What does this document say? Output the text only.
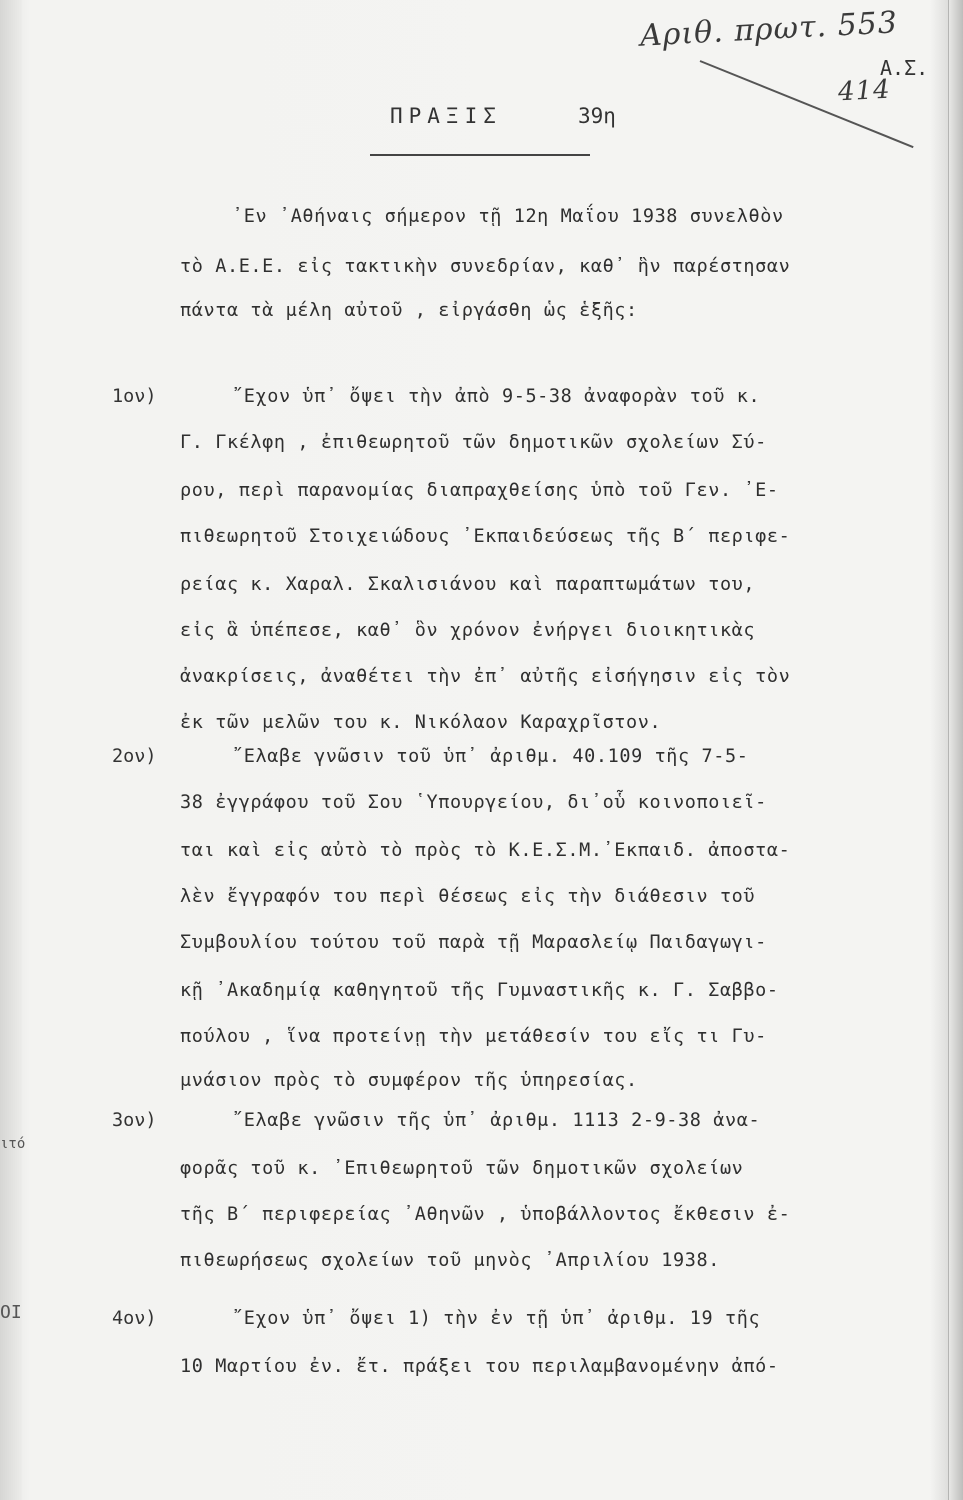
Αριθ. πρωτ. 553
Α.Σ.
414
ΠΡΑΞΙΣ	39η
᾿Εν ᾿Αθήναις σήμερον τῇ 12η Μαΐου 1938 συνελθὸν
τὸ Α.Ε.Ε. εἰς τακτικὴν συνεδρίαν, καθ᾿ ἣν παρέστησαν
πάντα τὰ μέλη αὐτοῦ , εἰργάσθη ὡς ἑξῆς:
1ον)	῎Εχον ὑπ᾿ ὄψει τὴν ἀπὸ 9-5-38 ἀναφορὰν τοῦ κ.
Γ. Γκέλφη , ἐπιθεωρητοῦ τῶν δημοτικῶν σχολείων Σύ-
ρου, περὶ παρανομίας διαπραχθείσης ὑπὸ τοῦ Γεν. ᾿Ε-
πιθεωρητοῦ Στοιχειώδους ᾿Εκπαιδεύσεως τῆς Β´ περιφε-
ρείας κ. Χαραλ. Σκαλισιάνου καὶ παραπτωμάτων του,
εἰς ἃ ὑπέπεσε, καθ᾿ ὃν χρόνον ἐνήργει διοικητικὰς
ἀνακρίσεις, ἀναθέτει τὴν ἐπ᾿ αὐτῆς εἰσήγησιν εἰς τὸν
ἐκ τῶν μελῶν του κ. Νικόλαον Καραχρῖστον.
2ον)	῎Ελαβε γνῶσιν τοῦ ὑπ᾿ ἀριθμ. 40.109 τῆς 7-5-
38 ἐγγράφου τοῦ Σου ῾Υπουργείου, δι᾿οὗ κοινοποιεῖ-
ται καὶ εἰς αὐτὸ τὸ πρὸς τὸ Κ.Ε.Σ.Μ.᾿Εκπαιδ. ἀποστα-
λὲν ἔγγραφόν του περὶ θέσεως εἰς τὴν διάθεσιν τοῦ
Συμβουλίου τούτου τοῦ παρὰ τῇ Μαρασλείῳ Παιδαγωγι-
κῇ ᾿Ακαδημίᾳ καθηγητοῦ τῆς Γυμναστικῆς κ. Γ. Σαββο-
πούλου , ἵνα προτείνῃ τὴν μετάθεσίν του εἴς τι Γυ-
μνάσιον πρὸς τὸ συμφέρον τῆς ὑπηρεσίας.
3ον)	῎Ελαβε γνῶσιν τῆς ὑπ᾿ ἀριθμ. 1113 2-9-38 ἀνα-
φορᾶς τοῦ κ. ᾿Επιθεωρητοῦ τῶν δημοτικῶν σχολείων
τῆς Β´ περιφερείας ᾿Αθηνῶν , ὑποβάλλοντος ἔκθεσιν ἐ-
πιθεωρήσεως σχολείων τοῦ μηνὸς ᾿Απριλίου 1938.
4ον)	῎Εχον ὑπ᾿ ὄψει 1) τὴν ἐν τῇ ὑπ᾿ ἀριθμ. 19 τῆς
10 Μαρτίου ἐν. ἔτ. πράξει του περιλαμβανομένην ἀπό-
ιτό
ΟΙ
